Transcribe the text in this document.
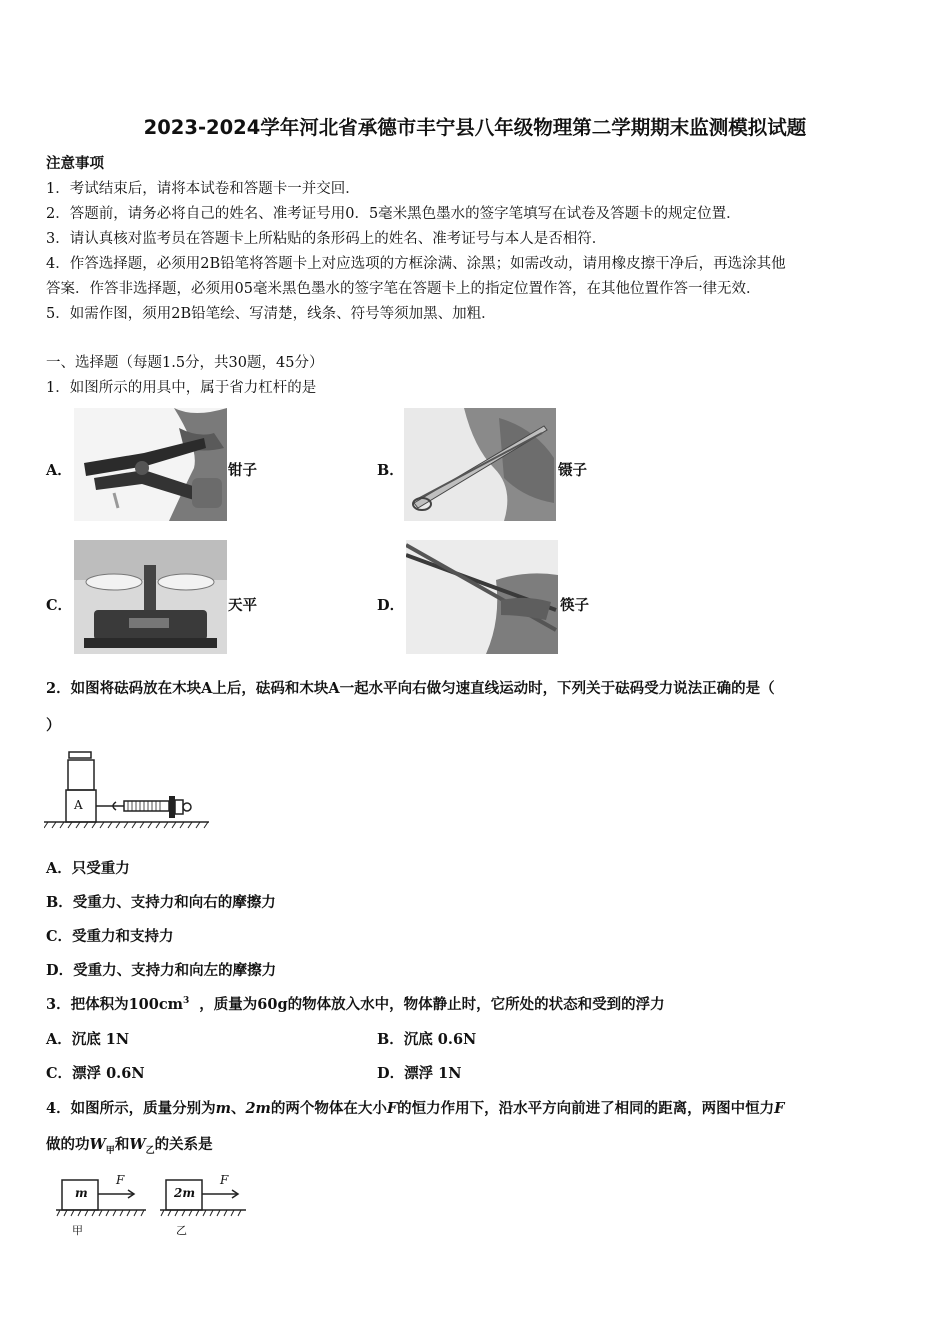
2023-2024学年河北省承德市丰宁县八年级物理第二学期期末监测模拟试题
注意事项
1．考试结束后，请将本试卷和答题卡一并交回．
2．答题前，请务必将自己的姓名、准考证号用0．5毫米黑色墨水的签字笔填写在试卷及答题卡的规定位置．
3．请认真核对监考员在答题卡上所粘贴的条形码上的姓名、准考证号与本人是否相符．
4．作答选择题，必须用2B铅笔将答题卡上对应选项的方框涂满、涂黑；如需改动，请用橡皮擦干净后，再选涂其他
答案．作答非选择题，必须用05毫米黑色墨水的签字笔在答题卡上的指定位置作答，在其他位置作答一律无效．
5．如需作图，须用2B铅笔绘、写清楚，线条、符号等须加黑、加粗．
一、选择题（每题1.5分，共30题，45分）
1．如图所示的用具中，属于省力杠杆的是
A．	钳子	B．	镊子
C．	天平	D．	筷子
2．如图将砝码放在木块A上后，砝码和木块A一起水平向右做匀速直线运动时，下列关于砝码受力说法正确的是（
）
A
A．只受重力
B．受重力、支持力和向右的摩擦力
C．受重力和支持力
D．受重力、支持力和向左的摩擦力
3．把体积为$100cm^3$ ，质量为60g的物体放入水中，物体静止时，它所处的状态和受到的浮力
A．沉底 1N	B．沉底 0.6N
C．漂浮 0.6N	D．漂浮 1N
4．如图所示，质量分别为m、2m的两个物体在大小F的恒力作用下，沿水平方向前进了相同的距离，两图中恒力F
做的功$W_甲$和$W_乙$的关系是
m
F
2m
F
甲	乙
